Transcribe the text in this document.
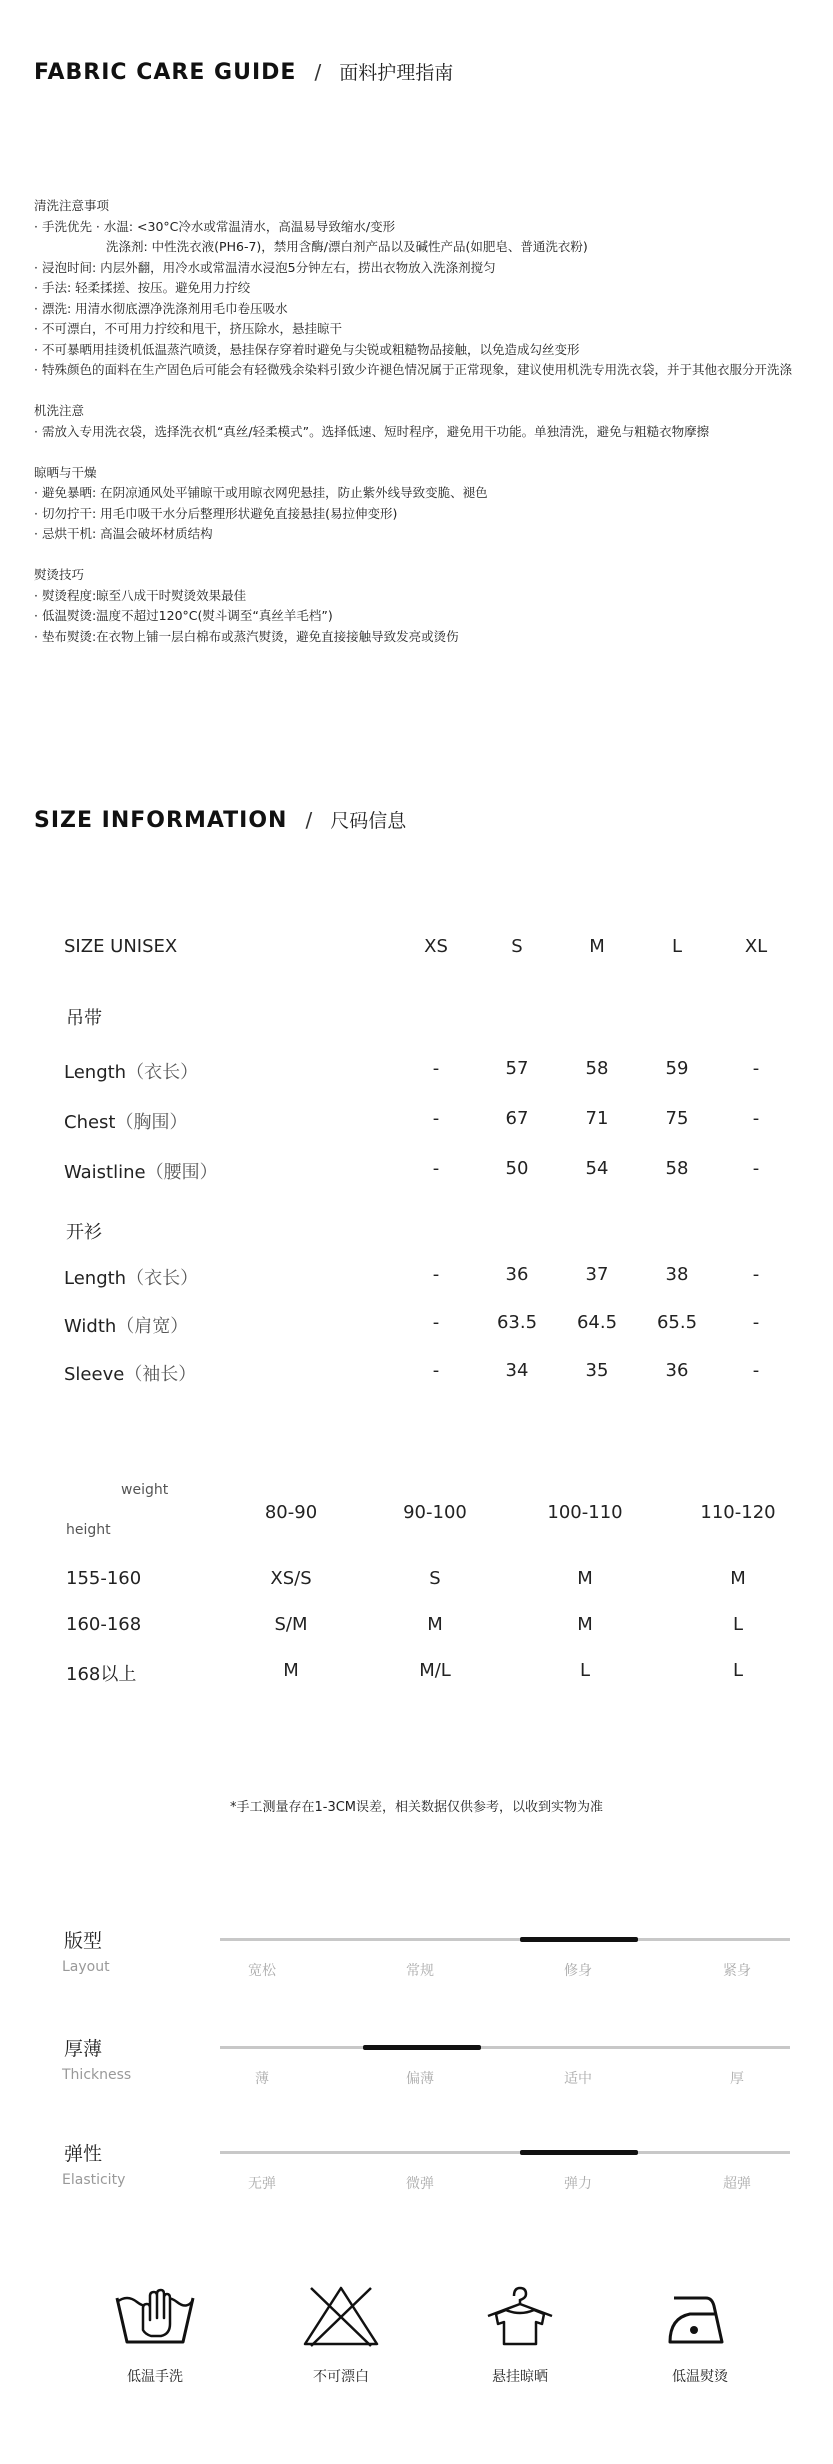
FABRIC CARE GUIDE / 面料护理指南
清洗注意事项
· 手洗优先 · 水温: <30°C冷水或常温清水，高温易导致缩水/变形
洗涤剂: 中性洗衣液(PH6-7)，禁用含酶/漂白剂产品以及碱性产品(如肥皂、普通洗衣粉)
· 浸泡时间: 内层外翻，用冷水或常温清水浸泡5分钟左右，捞出衣物放入洗涤剂搅匀
· 手法: 轻柔揉搓、按压。避免用力拧绞
· 漂洗: 用清水彻底漂净洗涤剂用毛巾卷压吸水
· 不可漂白，不可用力拧绞和甩干，挤压除水，悬挂晾干
· 不可暴晒用挂烫机低温蒸汽喷烫，悬挂保存穿着时避免与尖锐或粗糙物品接触，以免造成勾丝变形
· 特殊颜色的面料在生产固色后可能会有轻微残余染料引致少许褪色情况属于正常现象，建议使用机洗专用洗衣袋，并于其他衣服分开洗涤
机洗注意
· 需放入专用洗衣袋，选择洗衣机“真丝/轻柔模式”。选择低速、短时程序，避免用干功能。单独清洗，避免与粗糙衣物摩擦
晾晒与干燥
· 避免暴晒: 在阴凉通风处平铺晾干或用晾衣网兜悬挂，防止紫外线导致变脆、褪色
· 切勿拧干: 用毛巾吸干水分后整理形状避免直接悬挂(易拉伸变形)
· 忌烘干机: 高温会破坏材质结构
熨烫技巧
· 熨烫程度:晾至八成干时熨烫效果最佳
· 低温熨烫:温度不超过120°C(熨斗调至“真丝羊毛档”)
· 垫布熨烫:在衣物上铺一层白棉布或蒸汽熨烫，避免直接接触导致发亮或烫伤
SIZE INFORMATION / 尺码信息
SIZE UNISEX	XS	S	M	L	XL
吊带
Length（衣长）	-	57	58	59	-
Chest（胸围）	-	67	71	75	-
Waistline（腰围）	-	50	54	58	-
开衫
Length（衣长）	-	36	37	38	-
Width（肩宽）	-	63.5	64.5	65.5	-
Sleeve（袖长）	-	34	35	36	-
weight
height
80-90	90-100	100-110	110-120
155-160	XS/S	S	M	M
160-168	S/M	M	M	L
168以上	M	M/L	L	L
*手工测量存在1-3CM误差，相关数据仅供参考，以收到实物为准
版型
Layout	宽松	常规	修身	紧身
厚薄
Thickness	薄	偏薄	适中	厚
弹性
Elasticity	无弹	微弹	弹力	超弹
低温手洗	不可漂白	悬挂晾晒	低温熨烫
